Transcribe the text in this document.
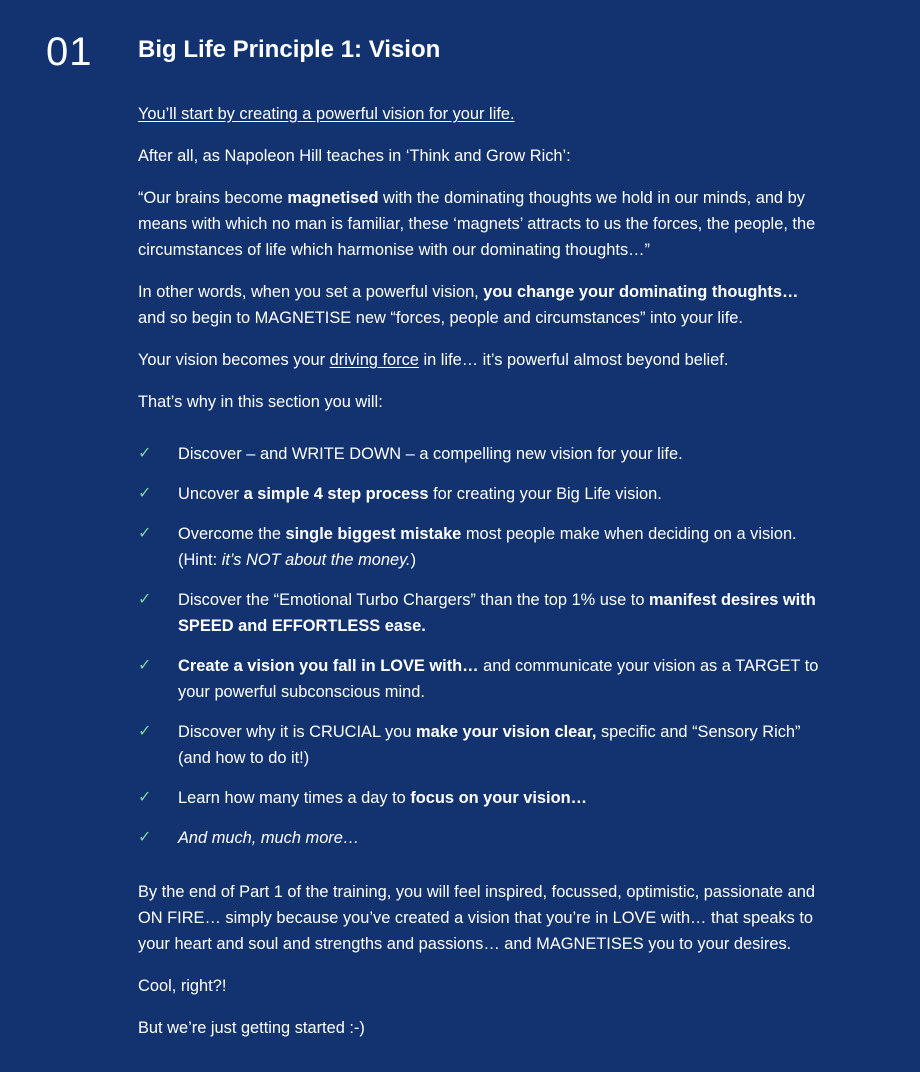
01 Big Life Principle 1: Vision

You’ll start by creating a powerful vision for your life.

After all, as Napoleon Hill teaches in ‘Think and Grow Rich’:

“Our brains become magnetised with the dominating thoughts we hold in our minds, and by means with which no man is familiar, these ‘magnets’ attracts to us the forces, the people, the circumstances of life which harmonise with our dominating thoughts…”

In other words, when you set a powerful vision, you change your dominating thoughts… and so begin to MAGNETISE new “forces, people and circumstances” into your life.

Your vision becomes your driving force in life… it’s powerful almost beyond belief.

That’s why in this section you will:

✓ Discover – and WRITE DOWN – a compelling new vision for your life.
✓ Uncover a simple 4 step process for creating your Big Life vision.
✓ Overcome the single biggest mistake most people make when deciding on a vision. (Hint: it’s NOT about the money.)
✓ Discover the “Emotional Turbo Chargers” than the top 1% use to manifest desires with SPEED and EFFORTLESS ease.
✓ Create a vision you fall in LOVE with… and communicate your vision as a TARGET to your powerful subconscious mind.
✓ Discover why it is CRUCIAL you make your vision clear, specific and “Sensory Rich” (and how to do it!)
✓ Learn how many times a day to focus on your vision…
✓ And much, much more…

By the end of Part 1 of the training, you will feel inspired, focussed, optimistic, passionate and ON FIRE… simply because you’ve created a vision that you’re in LOVE with… that speaks to your heart and soul and strengths and passions… and MAGNETISES you to your desires.

Cool, right?!

But we’re just getting started :-)
